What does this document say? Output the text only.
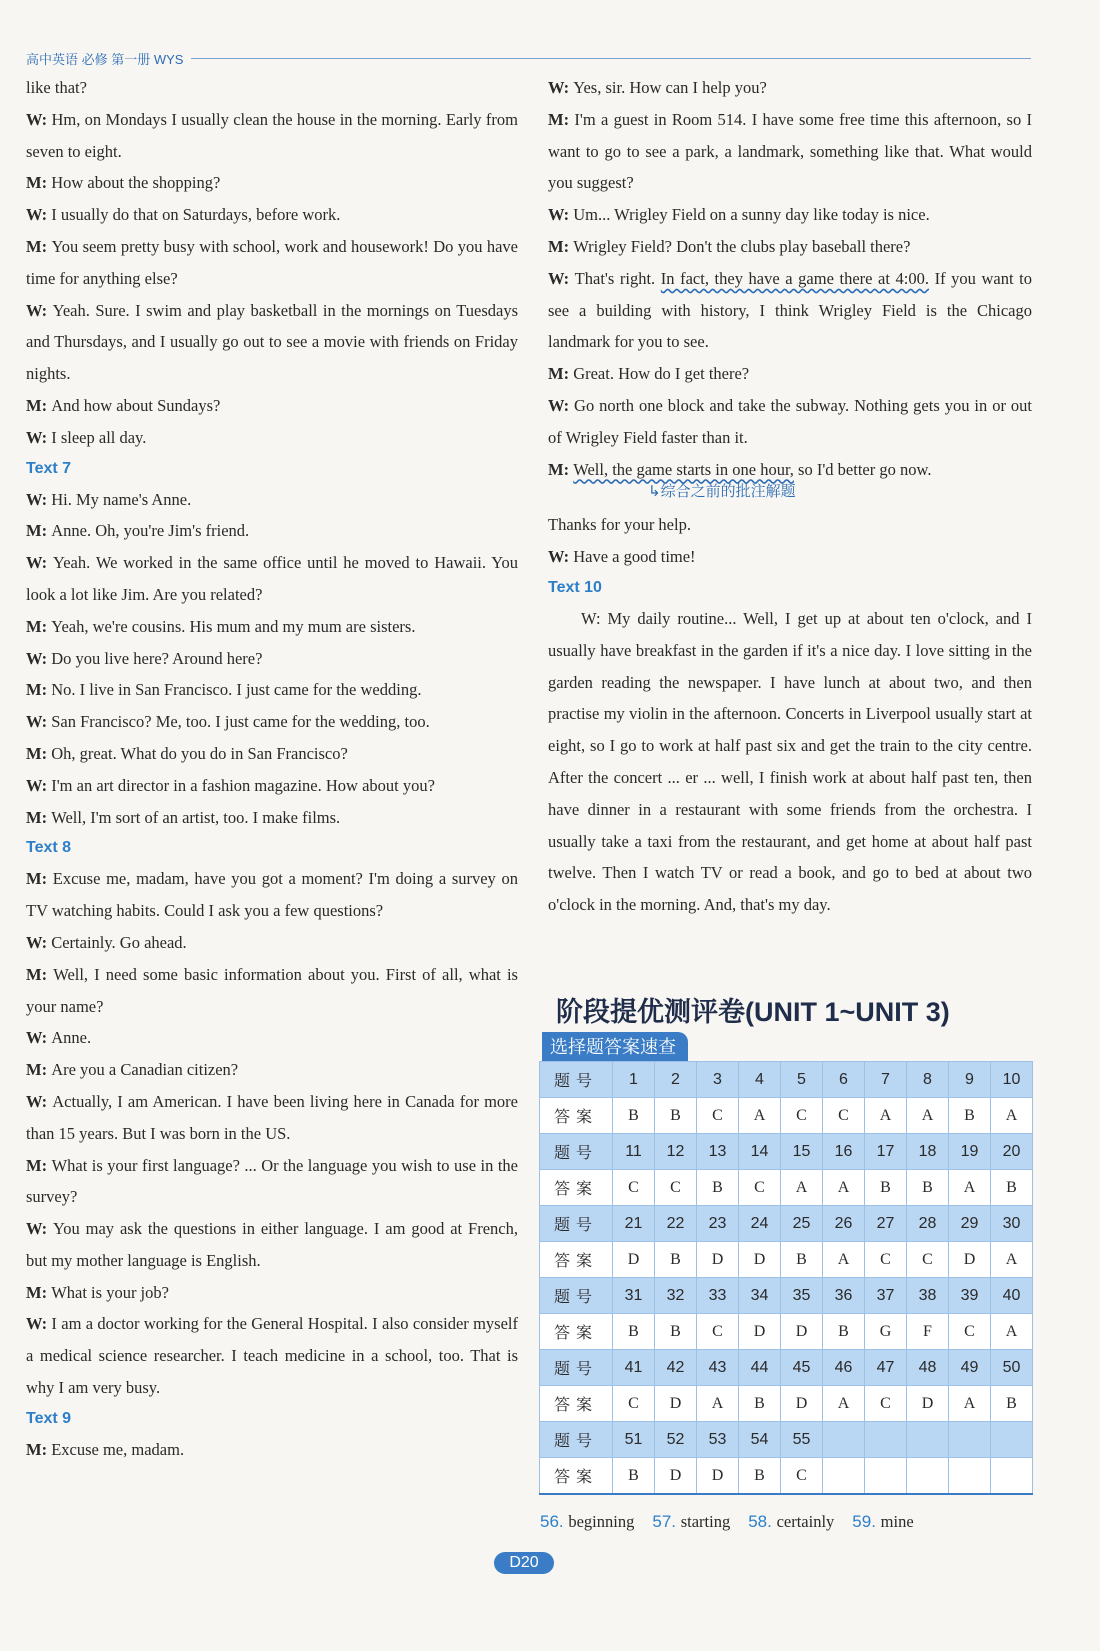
高中英语 必修 第一册 WYS

like that?

W: Hm, on Mondays I usually clean the house in the morning. Early from seven to eight.

M: How about the shopping?

W: I usually do that on Saturdays, before work.

M: You seem pretty busy with school, work and housework! Do you have time for anything else?

W: Yeah. Sure. I swim and play basketball in the mornings on Tuesdays and Thursdays, and I usually go out to see a movie with friends on Friday nights.

M: And how about Sundays?

W: I sleep all day.

Text 7

W: Hi. My name's Anne.

M: Anne. Oh, you're Jim's friend.

W: Yeah. We worked in the same office until he moved to Hawaii. You look a lot like Jim. Are you related?

M: Yeah, we're cousins. His mum and my mum are sisters.

W: Do you live here? Around here?

M: No. I live in San Francisco. I just came for the wedding.

W: San Francisco? Me, too. I just came for the wedding, too.

M: Oh, great. What do you do in San Francisco?

W: I'm an art director in a fashion magazine. How about you?

M: Well, I'm sort of an artist, too. I make films.

Text 8

M: Excuse me, madam, have you got a moment? I'm doing a survey on TV watching habits. Could I ask you a few questions?

W: Certainly. Go ahead.

M: Well, I need some basic information about you. First of all, what is your name?

W: Anne.

M: Are you a Canadian citizen?

W: Actually, I am American. I have been living here in Canada for more than 15 years. But I was born in the US.

M: What is your first language? ... Or the language you wish to use in the survey?

W: You may ask the questions in either language. I am good at French, but my mother language is English.

M: What is your job?

W: I am a doctor working for the General Hospital. I also consider myself a medical science researcher. I teach medicine in a school, too. That is why I am very busy.

Text 9

M: Excuse me, madam.

W: Yes, sir. How can I help you?

M: I'm a guest in Room 514. I have some free time this afternoon, so I want to go to see a park, a landmark, something like that. What would you suggest?

W: Um... Wrigley Field on a sunny day like today is nice.

M: Wrigley Field? Don't the clubs play baseball there?

W: That's right. In fact, they have a game there at 4:00. If you want to see a building with history, I think Wrigley Field is the Chicago landmark for you to see.

M: Great. How do I get there?

W: Go north one block and take the subway. Nothing gets you in or out of Wrigley Field faster than it.

M: Well, the game starts in one hour, so I'd better go now.

↳综合之前的批注解题

Thanks for your help.

W: Have a good time!

Text 10

W: My daily routine... Well, I get up at about ten o'clock, and I usually have breakfast in the garden if it's a nice day. I love sitting in the garden reading the newspaper. I have lunch at about two, and then practise my violin in the afternoon. Concerts in Liverpool usually start at eight, so I go to work at half past six and get the train to the city centre. After the concert ... er ... well, I finish work at about half past ten, then have dinner in a restaurant with some friends from the orchestra. I usually take a taxi from the restaurant, and get home at about half past twelve. Then I watch TV or read a book, and go to bed at about two o'clock in the morning. And, that's my day.

阶段提优测评卷(UNIT 1~UNIT 3)
选择题答案速查
题号	1	2	3	4	5	6	7	8	9	10
答案	B	B	C	A	C	C	A	A	B	A
题号	11	12	13	14	15	16	17	18	19	20
答案	C	C	B	C	A	A	B	B	A	B
题号	21	22	23	24	25	26	27	28	29	30
答案	D	B	D	D	B	A	C	C	D	A
题号	31	32	33	34	35	36	37	38	39	40
答案	B	B	C	D	D	B	G	F	C	A
题号	41	42	43	44	45	46	47	48	49	50
答案	C	D	A	B	D	A	C	D	A	B
题号	51	52	53	54	55					
答案	B	D	D	B	C					
56. beginning 57. starting 58. certainly 59. mine
D20
